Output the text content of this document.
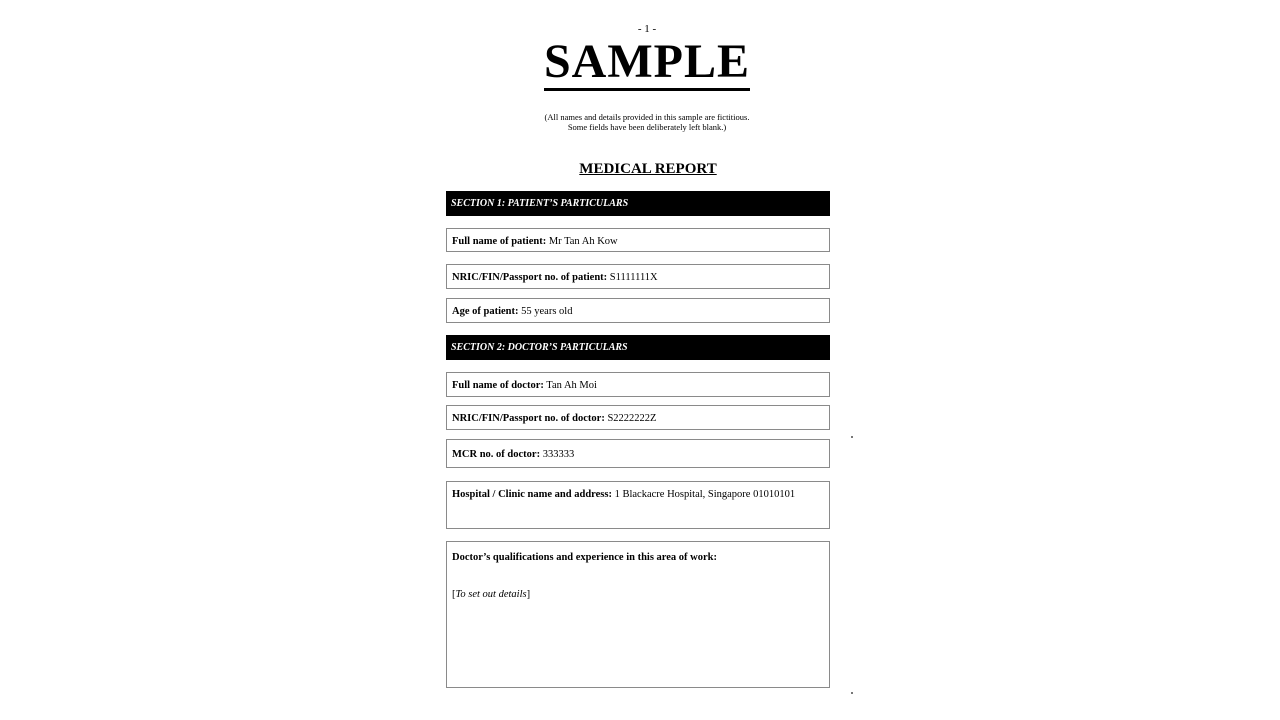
- 1 -
SAMPLE
(All names and details provided in this sample are fictitious.
Some fields have been deliberately left blank.)
MEDICAL REPORT
SECTION 1: PATIENT’S PARTICULARS
Full name of patient: Mr Tan Ah Kow
NRIC/FIN/Passport no. of patient: S1111111X
Age of patient: 55 years old
SECTION 2: DOCTOR’S PARTICULARS
Full name of doctor: Tan Ah Moi
NRIC/FIN/Passport no. of doctor: S2222222Z
MCR no. of doctor: 333333
Hospital / Clinic name and address: 1 Blackacre Hospital, Singapore 01010101
Doctor’s qualifications and experience in this area of work:
[To set out details]
